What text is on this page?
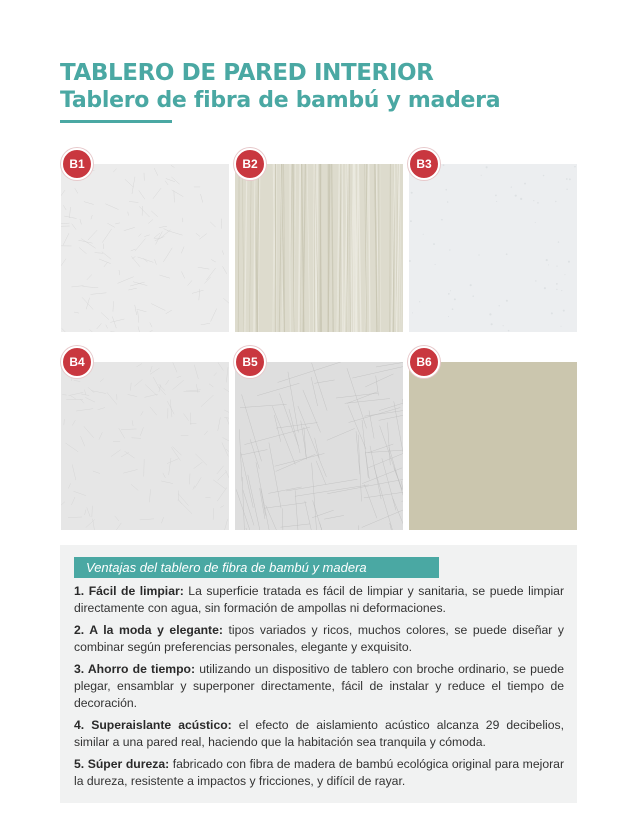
TABLERO DE PARED INTERIOR
Tablero de fibra de bambú y madera
B1	B2	B3
B4	B5	B6
Ventajas del tablero de fibra de bambú y madera

1. Fácil de limpiar: La superficie tratada es fácil de limpiar y sanitaria, se puede limpiar directamente con agua, sin formación de ampollas ni deformaciones.

2. A la moda y elegante: tipos variados y ricos, muchos colores, se puede diseñar y combinar según preferencias personales, elegante y exquisito.

3. Ahorro de tiempo: utilizando un dispositivo de tablero con broche ordinario, se puede plegar, ensamblar y superponer directamente, fácil de instalar y reduce el tiempo de decoración.

4. Superaislante acústico: el efecto de aislamiento acústico alcanza 29 decibelios, similar a una pared real, haciendo que la habitación sea tranquila y cómoda.

5. Súper dureza: fabricado con fibra de madera de bambú ecológica original para mejorar la dureza, resistente a impactos y fricciones, y difícil de rayar.
